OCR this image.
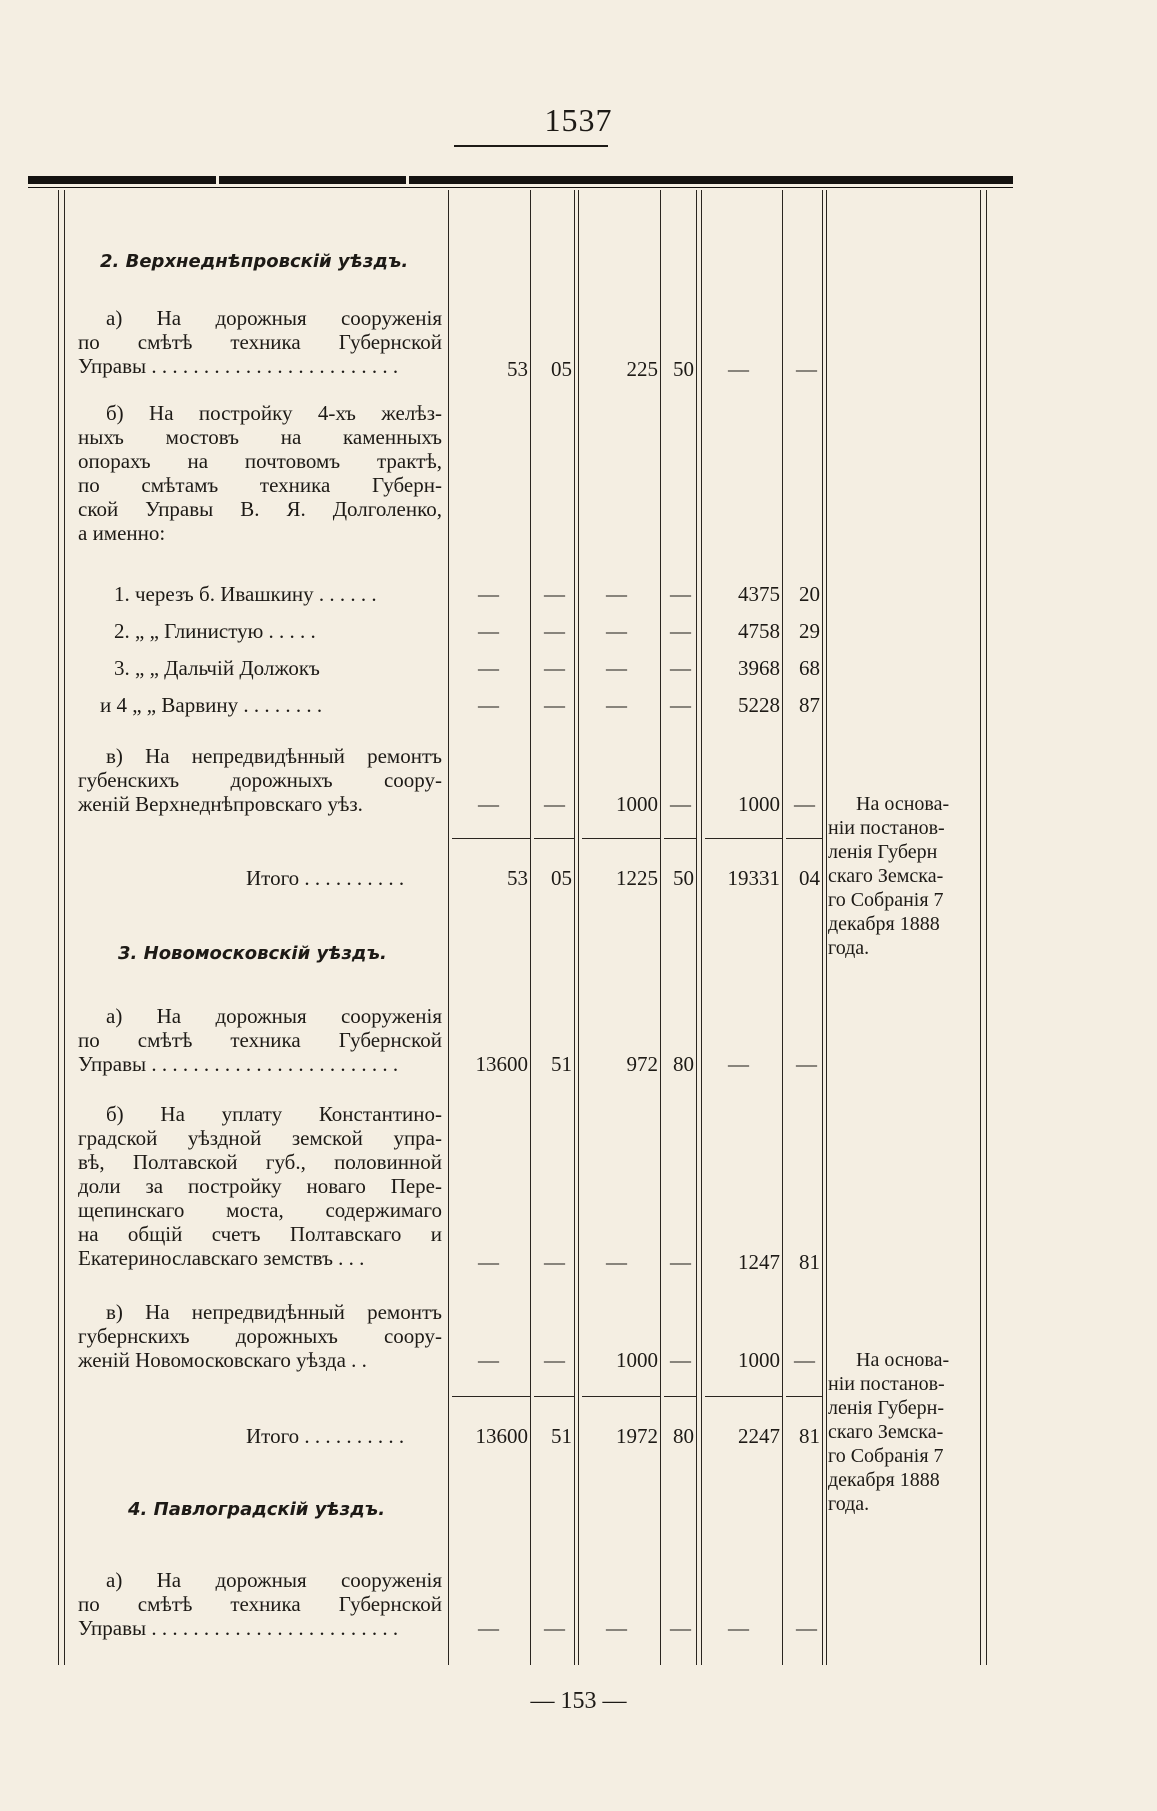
1537
2. Верхнеднѣпровскій уѣздъ.
а) На дорожныя сооруженія
по смѣтѣ техника Губернской
Управы . . . . . . . . . . . . . . . . . . . . . . . .	53	05	225 50 — —
б) На постройку 4-хъ желѣз-
ныхъ мостовъ на каменныхъ
опорахъ на почтовомъ трактѣ,
по смѣтамъ техника Губерн-
ской Управы В. Я. Долголенко,
а именно:
1. черезъ б. Ивашкину . . . . . .	— — — —	4375 20
2. „ „ Глинистую . . . . .	— — — —	4758 29
3. „ „ Дальчій Должокъ	— — — —	3968 68
и 4 „ „ Варвину . . . . . . . .	— — — —	5228 87
в) На непредвидѣнный ремонтъ
губенскихъ дорожныхъ соору-
женій Верхнеднѣпровскаго уѣз.	— —	1000 —	1000 —	На основа-
ніи постанов-
ленія Губерн
скаго Земска-
го Собранія 7
декабря 1888
года.
Итого . . . . . . . . . .	53	05	1225 50	19331 04
3. Новомосковскій уѣздъ.
а) На дорожныя сооруженія
по смѣтѣ техника Губернской
Управы . . . . . . . . . . . . . . . . . . . . . . . .	13600	51	972 80 — —
б) На уплату Константино-
градской уѣздной земской упра-
вѣ, Полтавской губ., половинной
доли за постройку новаго Пере-
щепинскаго моста, содержимаго
на общій счетъ Полтавскаго и
Екатеринославскаго земствъ . . .	— — — —	1247 81
в) На непредвидѣнный ремонтъ
губернскихъ дорожныхъ соору-
женій Новомосковскаго уѣзда . .	— —	1000 —	1000 —	На основа-
ніи постанов-
ленія Губерн-
скаго Земска-
го Собранія 7
декабря 1888
года.
Итого . . . . . . . . . .	13600	51	1972 80	2247 81
4. Павлоградскій уѣздъ.
а) На дорожныя сооруженія
по смѣтѣ техника Губернской
Управы . . . . . . . . . . . . . . . . . . . . . . . .	— — — — — —
— 153 —
